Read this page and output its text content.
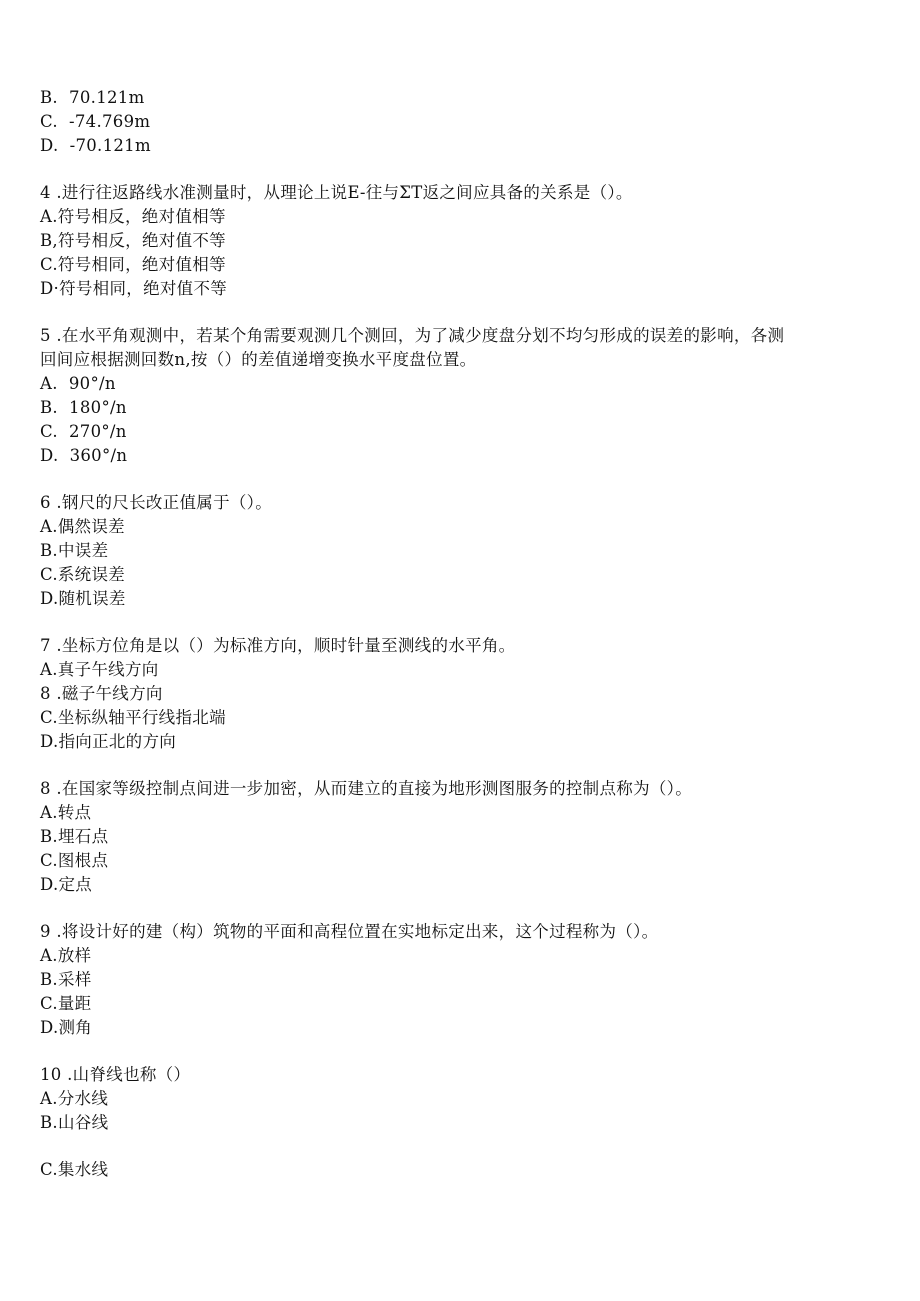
B.  70.121m
C.  -74.769m
D.  -70.121m
4 .进行往返路线水准测量时，从理论上说Ε-往与ΣΤ返之间应具备的关系是（）。
A.符号相反，绝对值相等
B,符号相反，绝对值不等
C.符号相同，绝对值相等
D·符号相同，绝对值不等
5 .在水平角观测中，若某个角需要观测几个测回，为了减少度盘分划不均匀形成的误差的影响，各测
回间应根据测回数n,按（）的差值递增变换水平度盘位置。
A.  90°/n
B.  180°/n
C.  270°/n
D.  360°/n
6 .钢尺的尺长改正值属于（）。
A.偶然误差
B.中误差
C.系统误差
D.随机误差
7 .坐标方位角是以（）为标准方向，顺时针量至测线的水平角。
A.真子午线方向
8 .磁子午线方向
C.坐标纵轴平行线指北端
D.指向正北的方向
8 .在国家等级控制点间进一步加密，从而建立的直接为地形测图服务的控制点称为（）。
A.转点
B.埋石点
C.图根点
D.定点
9 .将设计好的建（构）筑物的平面和高程位置在实地标定出来，这个过程称为（）。
A.放样
B.采样
C.量距
D.测角
10 .山脊线也称（）
A.分水线
B.山谷线
C.集水线
